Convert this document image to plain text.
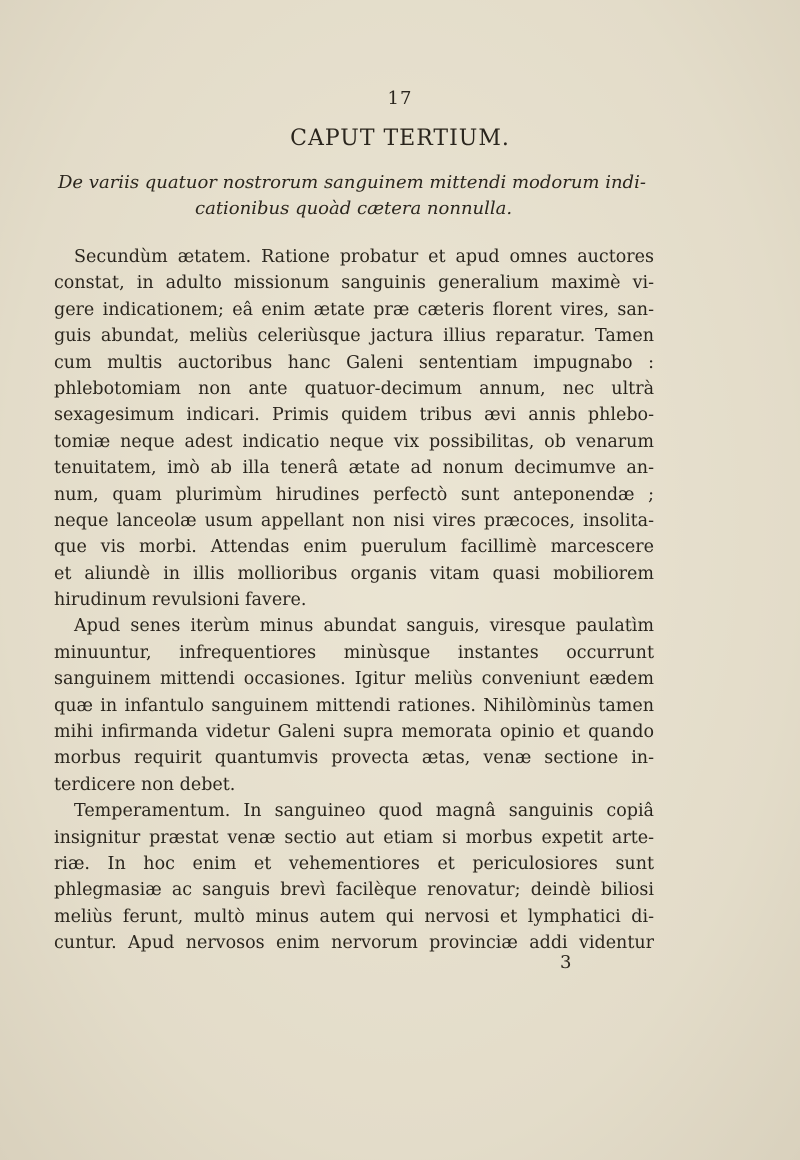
17
CAPUT TERTIUM.
De variis quatuor nostrorum sanguinem mittendi modorum indi-
cationibus quoàd cætera nonnulla.
Secundùm ætatem. Ratione probatur et apud omnes auctores
constat, in adulto missionum sanguinis generalium maximè vi-
gere indicationem; eâ enim ætate præ cæteris florent vires, san-
guis abundat, meliùs celeriùsque jactura illius reparatur. Tamen
cum multis auctoribus hanc Galeni sententiam impugnabo :
phlebotomiam non ante quatuor-decimum annum, nec ultrà
sexagesimum indicari. Primis quidem tribus ævi annis phlebo-
tomiæ neque adest indicatio neque vix possibilitas, ob venarum
tenuitatem, imò ab illa tenerâ ætate ad nonum decimumve an-
num, quam plurimùm hirudines perfectò sunt anteponendæ ;
neque lanceolæ usum appellant non nisi vires præcoces, insolita-
que vis morbi. Attendas enim puerulum facillimè marcescere
et aliundè in illis mollioribus organis vitam quasi mobiliorem
hirudinum revulsioni favere.
Apud senes iterùm minus abundat sanguis, viresque paulatìm
minuuntur, infrequentiores minùsque instantes occurrunt
sanguinem mittendi occasiones. Igitur meliùs conveniunt eædem
quæ in infantulo sanguinem mittendi rationes. Nihilòminùs tamen
mihi infirmanda videtur Galeni supra memorata opinio et quando
morbus requirit quantumvis provecta ætas, venæ sectione in-
terdicere non debet.
Temperamentum. In sanguineo quod magnâ sanguinis copiâ
insignitur præstat venæ sectio aut etiam si morbus expetit arte-
riæ. In hoc enim et vehementiores et periculosiores sunt
phlegmasiæ ac sanguis brevì facilèque renovatur; deindè biliosi
meliùs ferunt, multò minus autem qui nervosi et lymphatici di-
cuntur. Apud nervosos enim nervorum provinciæ addi videntur
3
